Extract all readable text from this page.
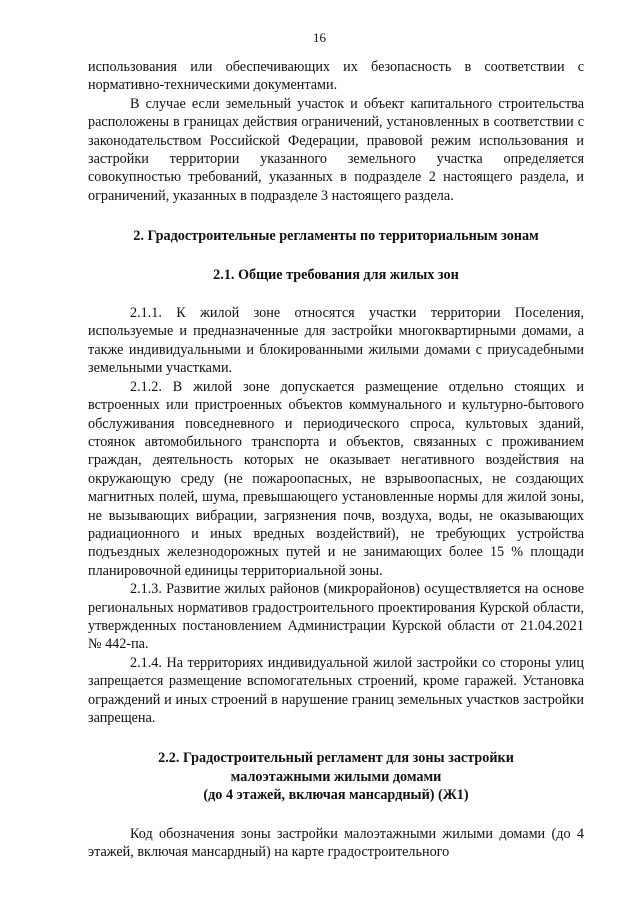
16

использования или обеспечивающих их безопасность в соответствии с нормативно-техническими документами.

В случае если земельный участок и объект капитального строительства расположены в границах действия ограничений, установленных в соответствии с законодательством Российской Федерации, правовой режим использования и застройки территории указанного земельного участка определяется совокупностью требований, указанных в подразделе 2 настоящего раздела, и ограничений, указанных в подразделе 3 настоящего раздела.

2. Градостроительные регламенты по территориальным зонам
2.1. Общие требования для жилых зон

2.1.1. К жилой зоне относятся участки территории Поселения, используемые и предназначенные для застройки многоквартирными домами, а также индивидуальными и блокированными жилыми домами с приусадебными земельными участками.

2.1.2. В жилой зоне допускается размещение отдельно стоящих и встроенных или пристроенных объектов коммунального и культурно-бытового обслуживания повседневного и периодического спроса, культовых зданий, стоянок автомобильного транспорта и объектов, связанных с проживанием граждан, деятельность которых не оказывает негативного воздействия на окружающую среду (не пожароопасных, не взрывоопасных, не создающих магнитных полей, шума, превышающего установленные нормы для жилой зоны, не вызывающих вибрации, загрязнения почв, воздуха, воды, не оказывающих радиационного и иных вредных воздействий), не требующих устройства подъездных железнодорожных путей и не занимающих более 15 % площади планировочной единицы территориальной зоны.

2.1.3. Развитие жилых районов (микрорайонов) осуществляется на основе региональных нормативов градостроительного проектирования Курской области, утвержденных постановлением Администрации Курской области от 21.04.2021 № 442-па.

2.1.4. На территориях индивидуальной жилой застройки со стороны улиц запрещается размещение вспомогательных строений, кроме гаражей. Установка ограждений и иных строений в нарушение границ земельных участков застройки запрещена.

2.2. Градостроительный регламент для зоны застройки
малоэтажными жилыми домами
(до 4 этажей, включая мансардный) (Ж1)

Код обозначения зоны застройки малоэтажными жилыми домами (до 4 этажей, включая мансардный) на карте градостроительного
